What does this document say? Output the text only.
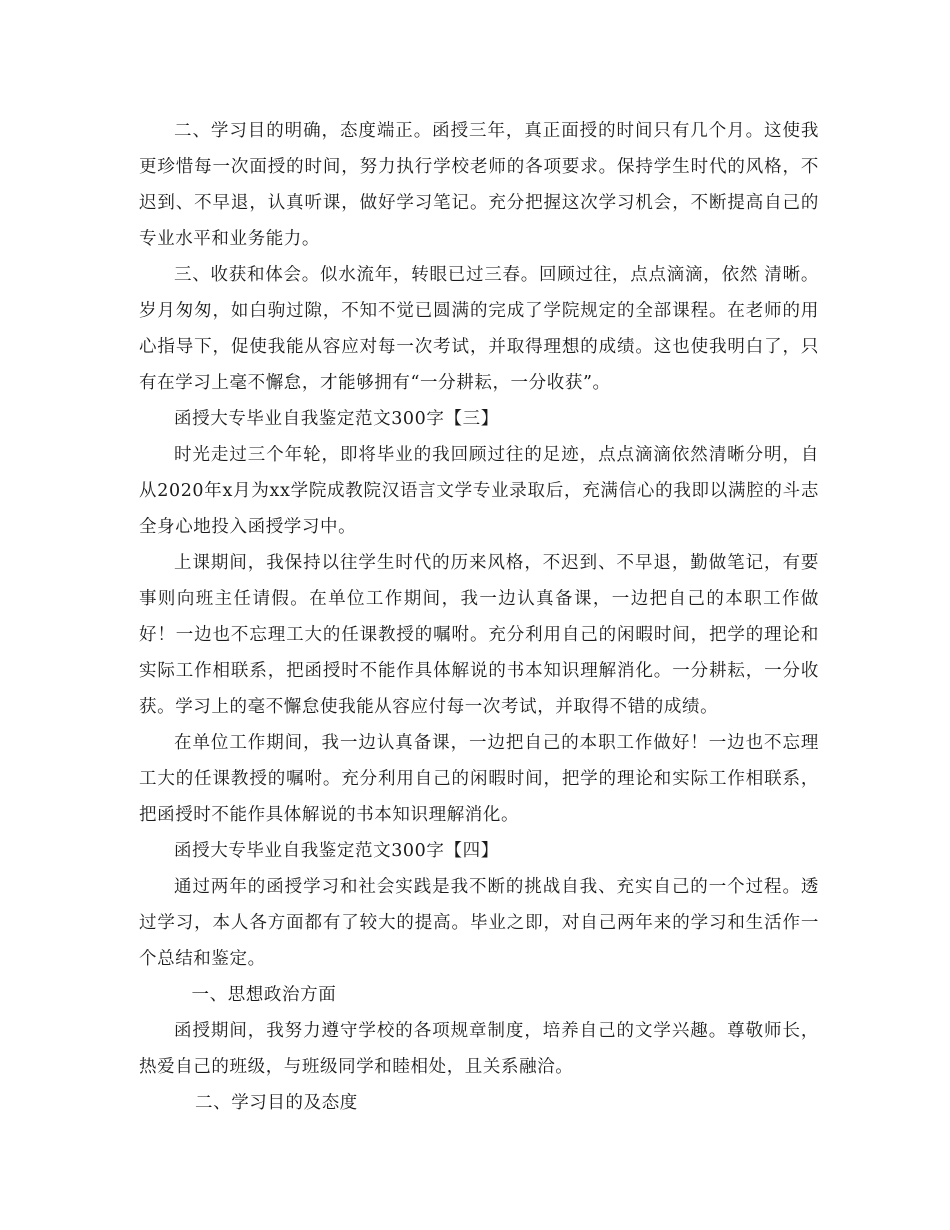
二、学习目的明确，态度端正。函授三年，真正面授的时间只有几个月。这使我更珍惜每一次面授的时间，努力执行学校老师的各项要求。保持学生时代的风格，不迟到、不早退，认真听课，做好学习笔记。充分把握这次学习机会，不断提高自己的专业水平和业务能力。

三、收获和体会。似水流年，转眼已过三春。回顾过往，点点滴滴，依然 清晰。岁月匆匆，如白驹过隙，不知不觉已圆满的完成了学院规定的全部课程。在老师的用心指导下，促使我能从容应对每一次考试，并取得理想的成绩。这也使我明白了，只有在学习上毫不懈怠，才能够拥有“一分耕耘，一分收获”。

函授大专毕业自我鉴定范文300字【三】

时光走过三个年轮，即将毕业的我回顾过往的足迹，点点滴滴依然清晰分明，自从2020年x月为xx学院成教院汉语言文学专业录取后，充满信心的我即以满腔的斗志全身心地投入函授学习中。

上课期间，我保持以往学生时代的历来风格，不迟到、不早退，勤做笔记，有要事则向班主任请假。在单位工作期间，我一边认真备课，一边把自己的本职工作做好！一边也不忘理工大的任课教授的嘱咐。充分利用自己的闲暇时间，把学的理论和实际工作相联系，把函授时不能作具体解说的书本知识理解消化。一分耕耘，一分收获。学习上的毫不懈怠使我能从容应付每一次考试，并取得不错的成绩。

在单位工作期间，我一边认真备课，一边把自己的本职工作做好！一边也不忘理工大的任课教授的嘱咐。充分利用自己的闲暇时间，把学的理论和实际工作相联系，把函授时不能作具体解说的书本知识理解消化。

函授大专毕业自我鉴定范文300字【四】

通过两年的函授学习和社会实践是我不断的挑战自我、充实自己的一个过程。透过学习，本人各方面都有了较大的提高。毕业之即，对自己两年来的学习和生活作一个总结和鉴定。

一、思想政治方面

函授期间，我努力遵守学校的各项规章制度，培养自己的文学兴趣。尊敬师长，热爱自己的班级，与班级同学和睦相处，且关系融洽。

二、学习目的及态度
